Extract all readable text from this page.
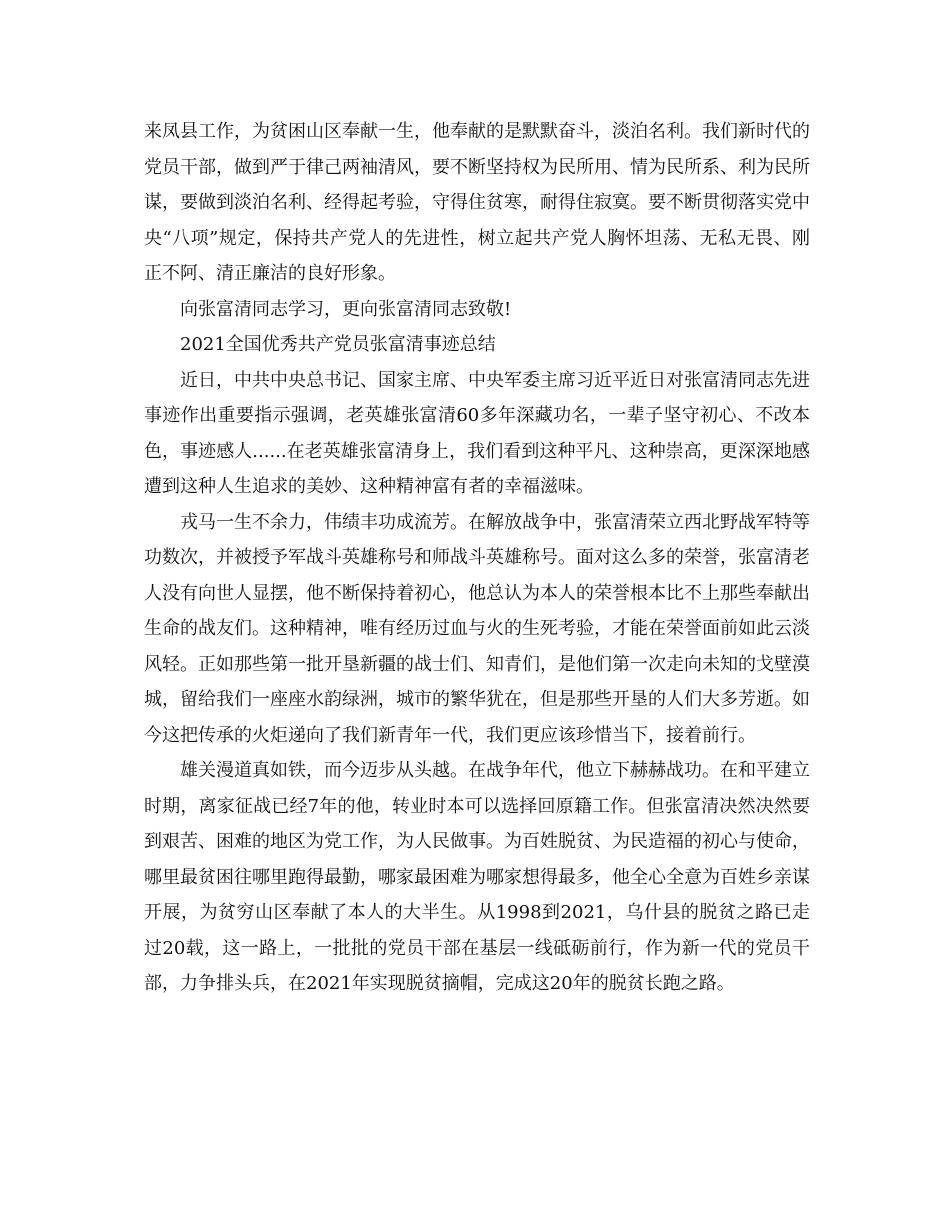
来凤县工作，为贫困山区奉献一生，他奉献的是默默奋斗，淡泊名利。我们新时代的党员干部，做到严于律己两袖清风，要不断坚持权为民所用、情为民所系、利为民所谋，要做到淡泊名利、经得起考验，守得住贫寒，耐得住寂寞。要不断贯彻落实党中央“八项”规定，保持共产党人的先进性，树立起共产党人胸怀坦荡、无私无畏、刚正不阿、清正廉洁的良好形象。

向张富清同志学习，更向张富清同志致敬!

2021全国优秀共产党员张富清事迹总结

近日，中共中央总书记、国家主席、中央军委主席习近平近日对张富清同志先进事迹作出重要指示强调，老英雄张富清60多年深藏功名，一辈子坚守初心、不改本色，事迹感人......在老英雄张富清身上，我们看到这种平凡、这种崇高，更深深地感遭到这种人生追求的美妙、这种精神富有者的幸福滋味。

戎马一生不余力，伟绩丰功成流芳。在解放战争中，张富清荣立西北野战军特等功数次，并被授予军战斗英雄称号和师战斗英雄称号。面对这么多的荣誉，张富清老人没有向世人显摆，他不断保持着初心，他总认为本人的荣誉根本比不上那些奉献出生命的战友们。这种精神，唯有经历过血与火的生死考验，才能在荣誉面前如此云淡风轻。正如那些第一批开垦新疆的战士们、知青们，是他们第一次走向未知的戈壁漠城，留给我们一座座水韵绿洲，城市的繁华犹在，但是那些开垦的人们大多芳逝。如今这把传承的火炬递向了我们新青年一代，我们更应该珍惜当下，接着前行。

雄关漫道真如铁，而今迈步从头越。在战争年代，他立下赫赫战功。在和平建立时期，离家征战已经7年的他，转业时本可以选择回原籍工作。但张富清决然决然要到艰苦、困难的地区为党工作，为人民做事。为百姓脱贫、为民造福的初心与使命，哪里最贫困往哪里跑得最勤，哪家最困难为哪家想得最多，他全心全意为百姓乡亲谋开展，为贫穷山区奉献了本人的大半生。从1998到2021，乌什县的脱贫之路已走过20载，这一路上，一批批的党员干部在基层一线砥砺前行，作为新一代的党员干部，力争排头兵，在2021年实现脱贫摘帽，完成这20年的脱贫长跑之路。
